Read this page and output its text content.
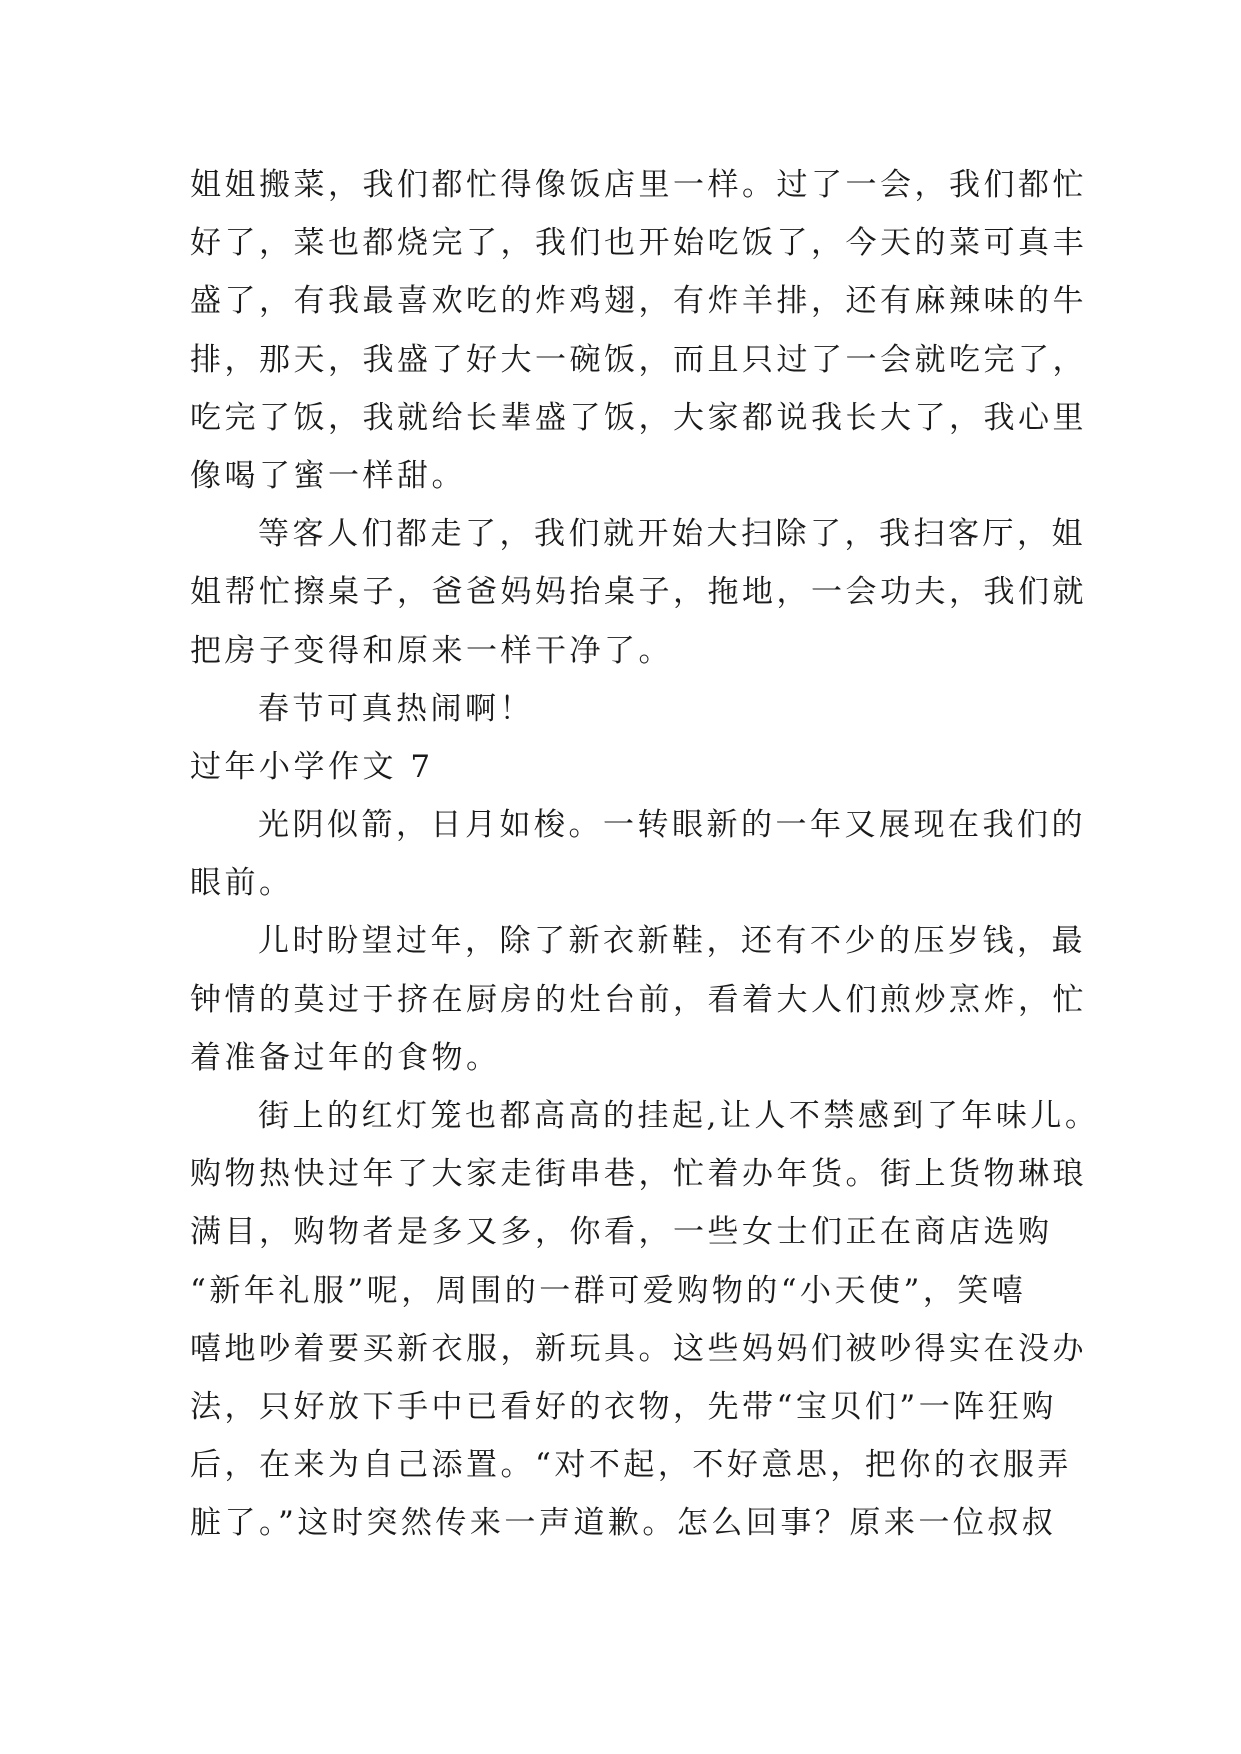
姐姐搬菜，我们都忙得像饭店里一样。过了一会，我们都忙
好了，菜也都烧完了，我们也开始吃饭了，今天的菜可真丰
盛了，有我最喜欢吃的炸鸡翅，有炸羊排，还有麻辣味的牛
排，那天，我盛了好大一碗饭，而且只过了一会就吃完了，
吃完了饭，我就给长辈盛了饭，大家都说我长大了，我心里
像喝了蜜一样甜。
等客人们都走了，我们就开始大扫除了，我扫客厅，姐
姐帮忙擦桌子，爸爸妈妈抬桌子，拖地，一会功夫，我们就
把房子变得和原来一样干净了。
春节可真热闹啊！
过年小学作文 7
光阴似箭，日月如梭。一转眼新的一年又展现在我们的
眼前。
儿时盼望过年，除了新衣新鞋，还有不少的压岁钱，最
钟情的莫过于挤在厨房的灶台前，看着大人们煎炒烹炸，忙
着准备过年的食物。
街上的红灯笼也都高高的挂起,让人不禁感到了年味儿。
购物热快过年了大家走街串巷，忙着办年货。街上货物琳琅
满目，购物者是多又多，你看，一些女士们正在商店选购
“新年礼服”呢，周围的一群可爱购物的“小天使”，笑嘻
嘻地吵着要买新衣服，新玩具。这些妈妈们被吵得实在没办
法，只好放下手中已看好的衣物，先带“宝贝们”一阵狂购
后，在来为自己添置。“对不起，不好意思，把你的衣服弄
脏了。”这时突然传来一声道歉。怎么回事？原来一位叔叔
